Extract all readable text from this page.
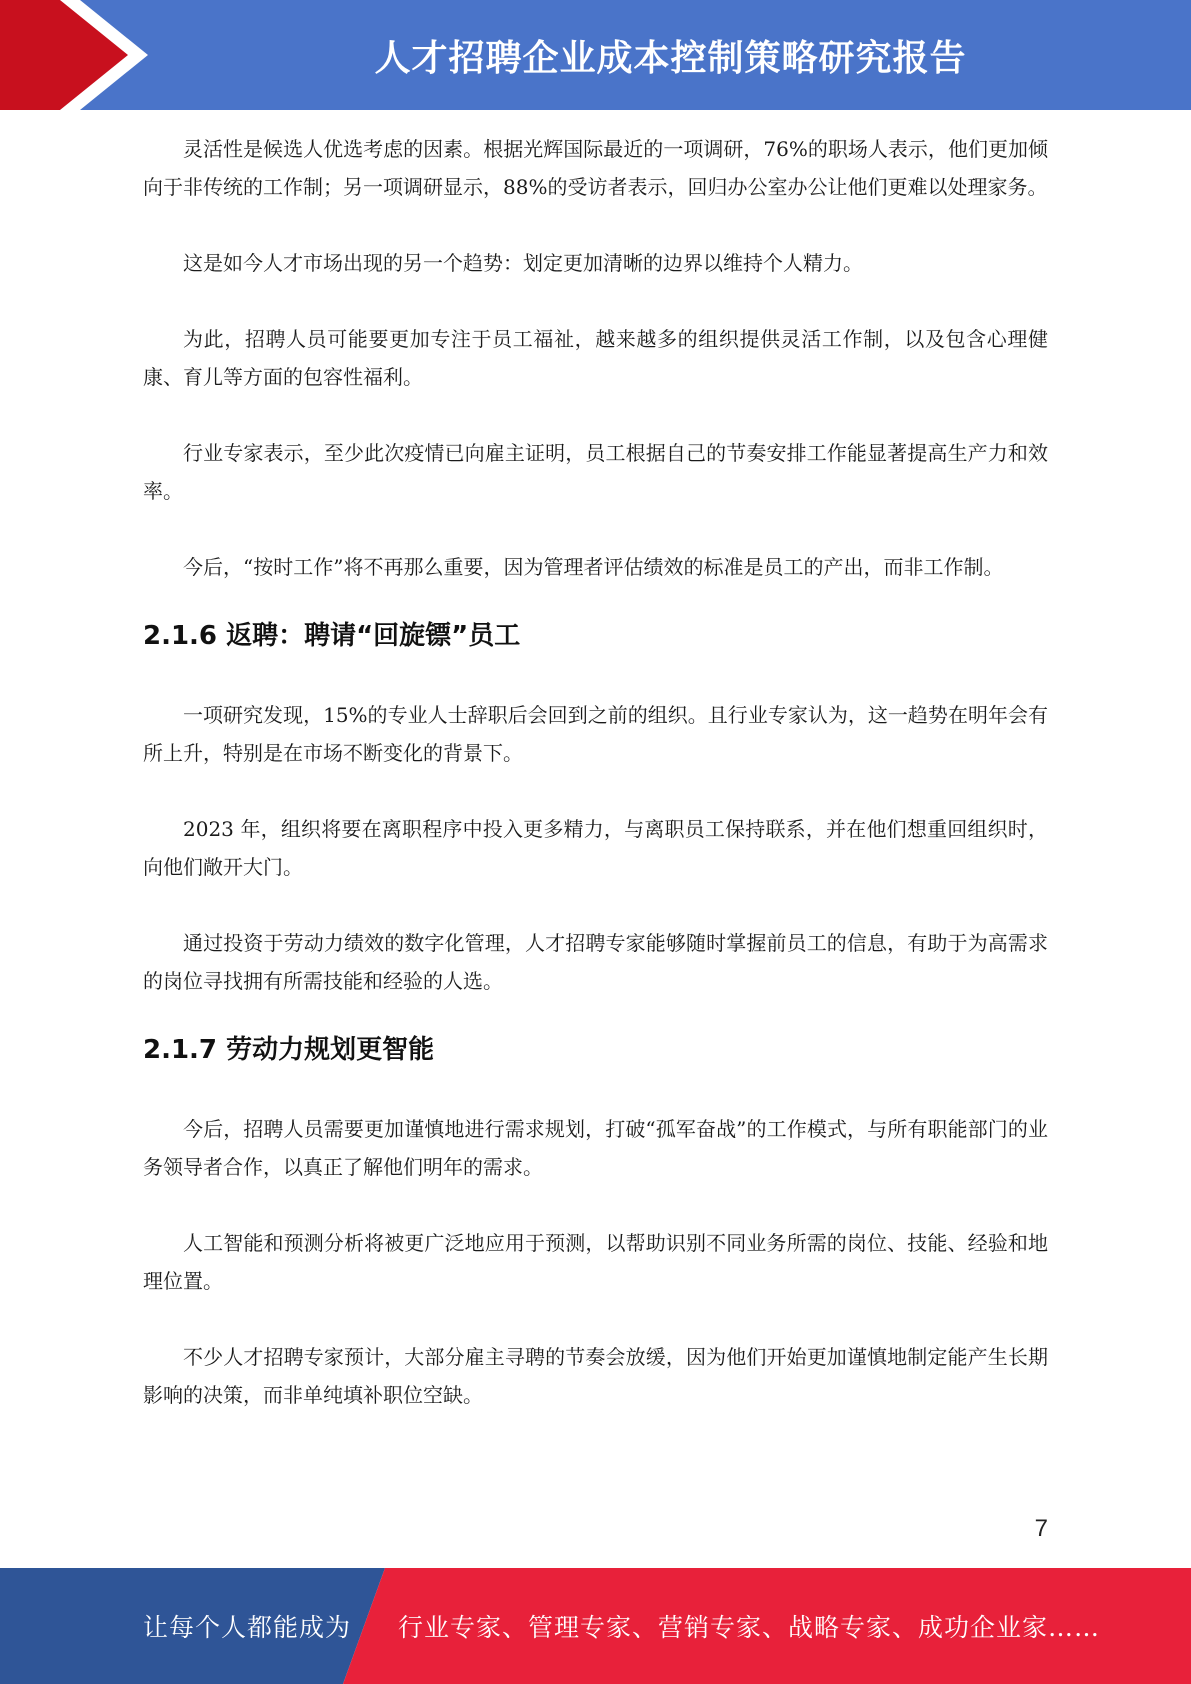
人才招聘企业成本控制策略研究报告

灵活性是候选人优选考虑的因素。根据光辉国际最近的一项调研，76%的职场人表示，他们更加倾向于非传统的工作制；另一项调研显示，88%的受访者表示，回归办公室办公让他们更难以处理家务。

这是如今人才市场出现的另一个趋势：划定更加清晰的边界以维持个人精力。

为此，招聘人员可能要更加专注于员工福祉，越来越多的组织提供灵活工作制，以及包含心理健康、育儿等方面的包容性福利。

行业专家表示，至少此次疫情已向雇主证明，员工根据自己的节奏安排工作能显著提高生产力和效率。

今后，“按时工作”将不再那么重要，因为管理者评估绩效的标准是员工的产出，而非工作制。

2.1.6 返聘：聘请“回旋镖”员工

一项研究发现，15%的专业人士辞职后会回到之前的组织。且行业专家认为，这一趋势在明年会有所上升，特别是在市场不断变化的背景下。

2023 年，组织将要在离职程序中投入更多精力，与离职员工保持联系，并在他们想重回组织时，向他们敞开大门。

通过投资于劳动力绩效的数字化管理，人才招聘专家能够随时掌握前员工的信息，有助于为高需求的岗位寻找拥有所需技能和经验的人选。

2.1.7 劳动力规划更智能

今后，招聘人员需要更加谨慎地进行需求规划，打破“孤军奋战”的工作模式，与所有职能部门的业务领导者合作，以真正了解他们明年的需求。

人工智能和预测分析将被更广泛地应用于预测，以帮助识别不同业务所需的岗位、技能、经验和地理位置。

不少人才招聘专家预计，大部分雇主寻聘的节奏会放缓，因为他们开始更加谨慎地制定能产生长期影响的决策，而非单纯填补职位空缺。

7
让每个人都能成为 行业专家、管理专家、营销专家、战略专家、成功企业家……
